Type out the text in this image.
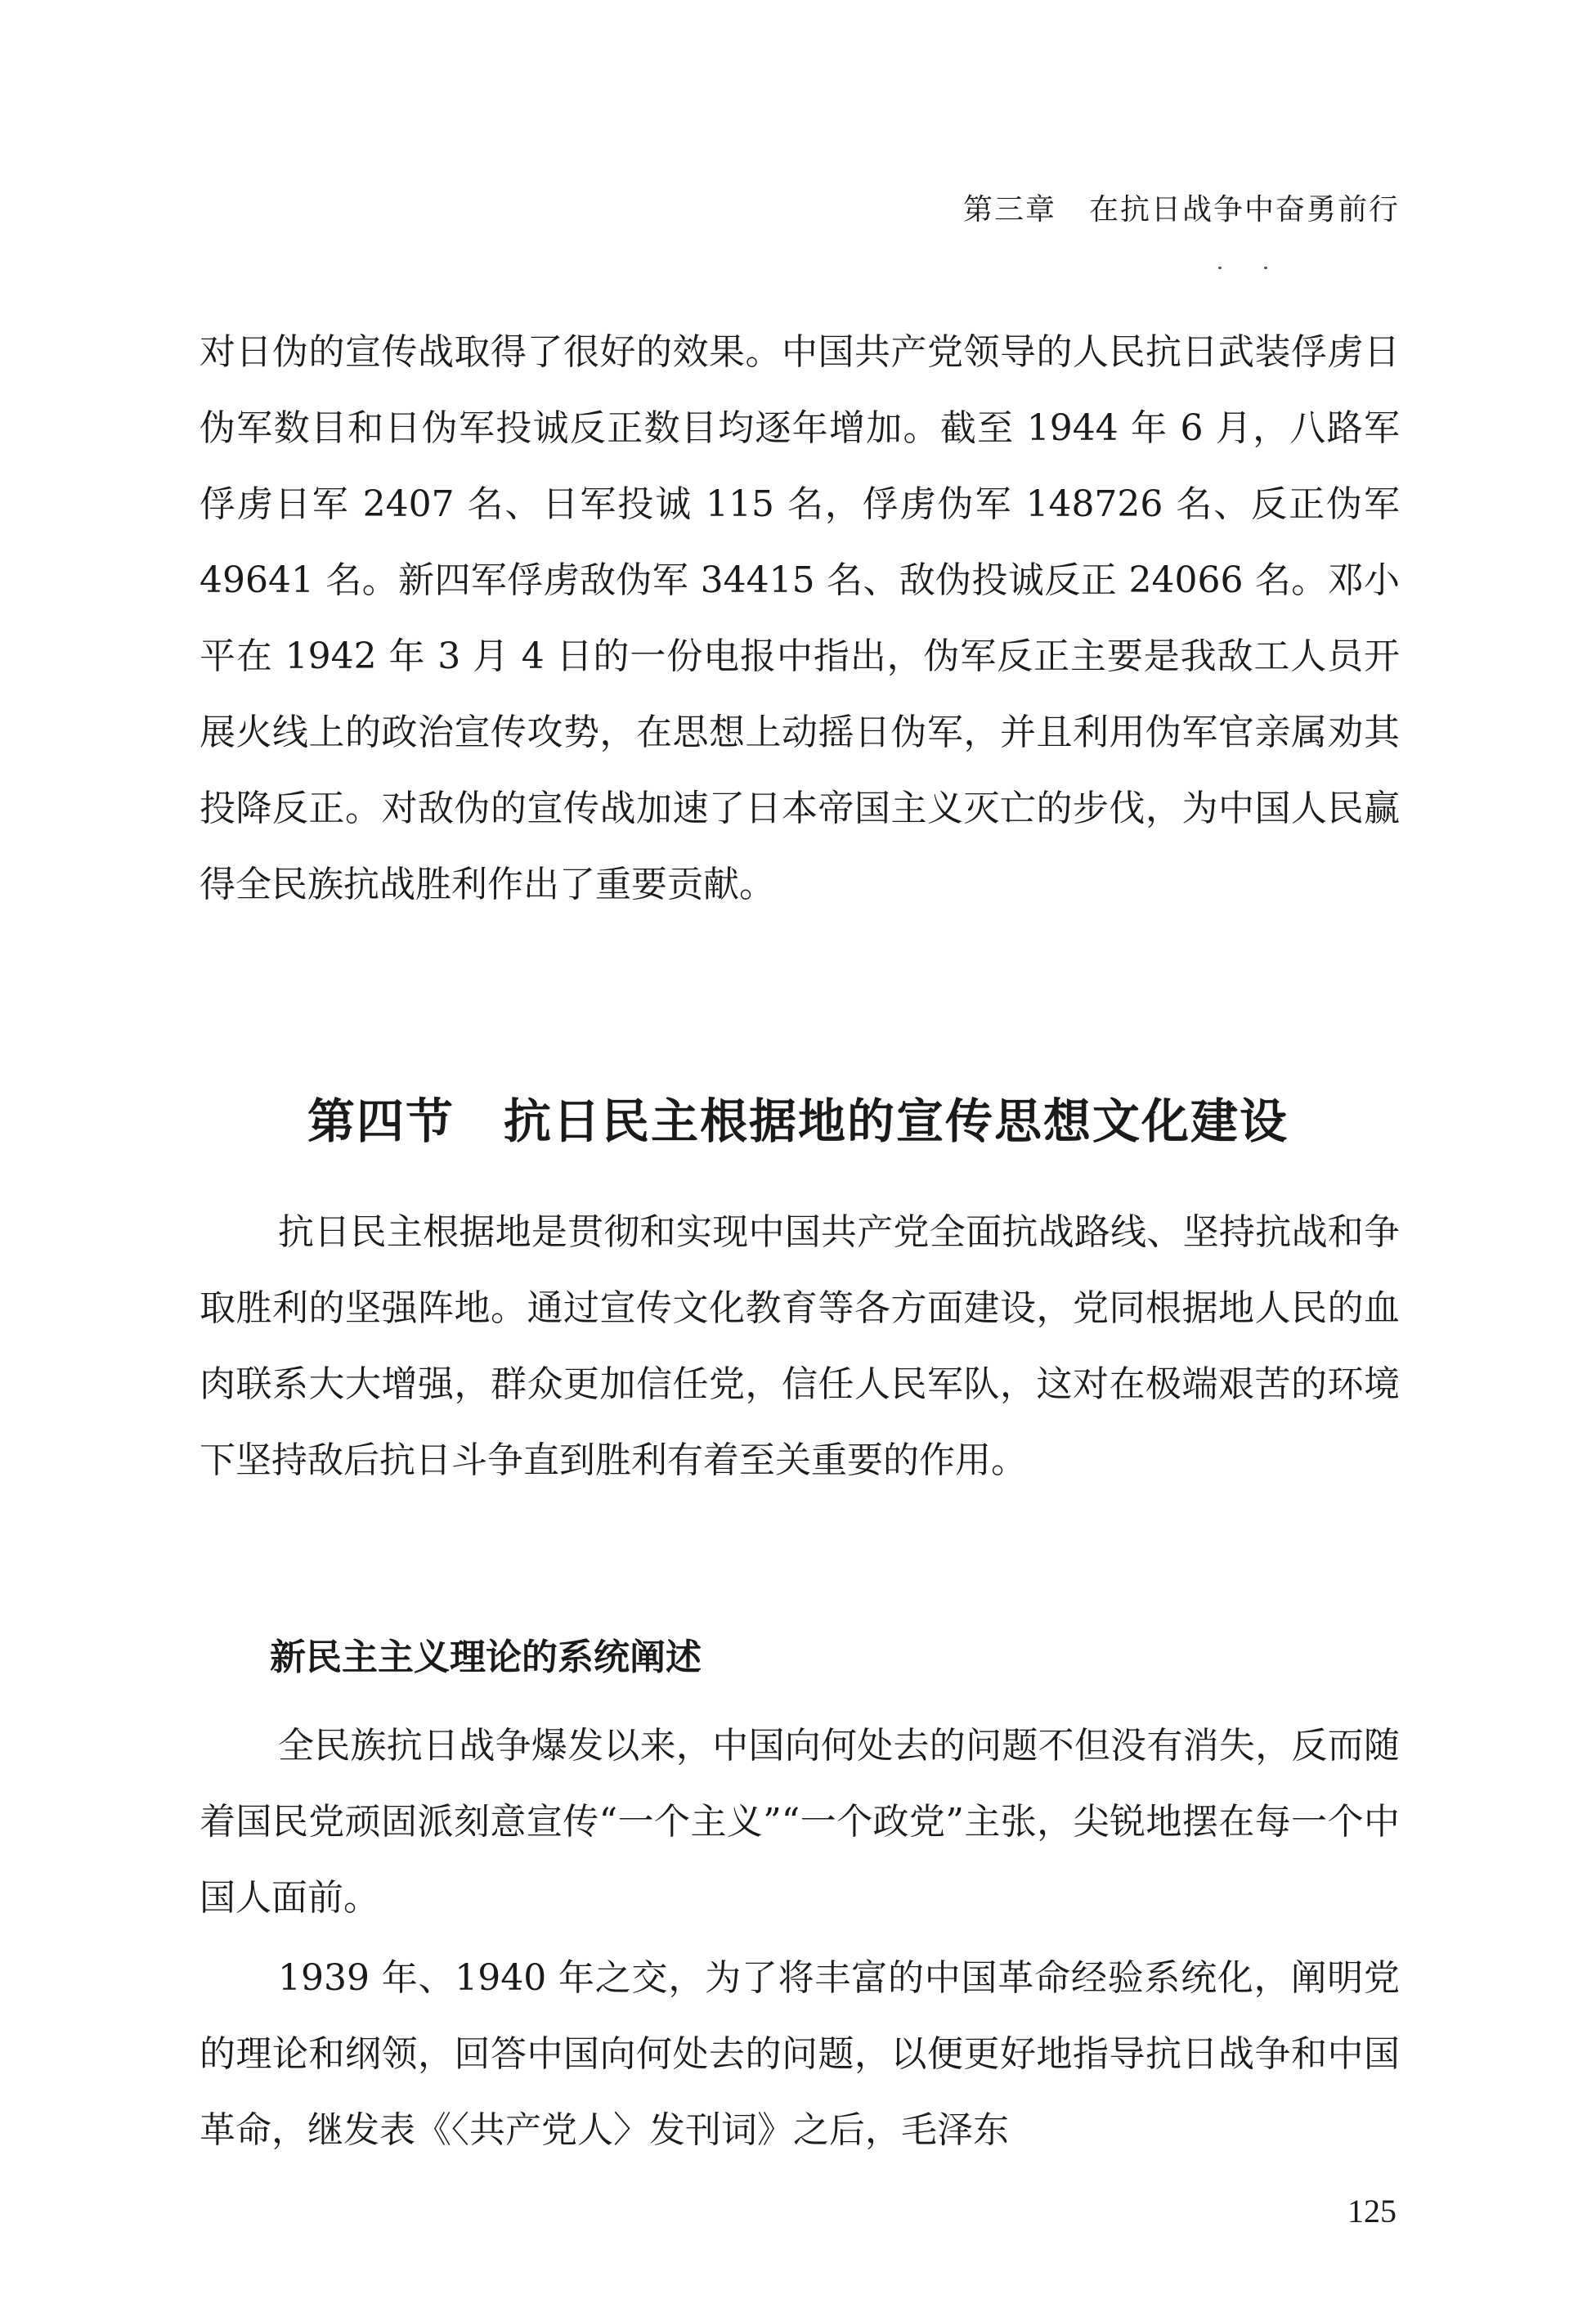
第三章 在抗日战争中奋勇前行

对日伪的宣传战取得了很好的效果。中国共产党领导的人民抗日武装俘虏日伪军数目和日伪军投诚反正数目均逐年增加。截至 1944 年 6 月，八路军俘虏日军 2407 名、日军投诚 115 名，俘虏伪军 148726 名、反正伪军 49641 名。新四军俘虏敌伪军 34415 名、敌伪投诚反正 24066 名。邓小平在 1942 年 3 月 4 日的一份电报中指出，伪军反正主要是我敌工人员开展火线上的政治宣传攻势，在思想上动摇日伪军，并且利用伪军官亲属劝其投降反正。对敌伪的宣传战加速了日本帝国主义灭亡的步伐，为中国人民赢得全民族抗战胜利作出了重要贡献。

第四节 抗日民主根据地的宣传思想文化建设

抗日民主根据地是贯彻和实现中国共产党全面抗战路线、坚持抗战和争取胜利的坚强阵地。通过宣传文化教育等各方面建设，党同根据地人民的血肉联系大大增强，群众更加信任党，信任人民军队，这对在极端艰苦的环境下坚持敌后抗日斗争直到胜利有着至关重要的作用。

新民主主义理论的系统阐述

全民族抗日战争爆发以来，中国向何处去的问题不但没有消失，反而随着国民党顽固派刻意宣传“一个主义”“一个政党”主张，尖锐地摆在每一个中国人面前。

1939 年、1940 年之交，为了将丰富的中国革命经验系统化，阐明党的理论和纲领，回答中国向何处去的问题，以便更好地指导抗日战争和中国革命，继发表《〈共产党人〉发刊词》之后，毛泽东

125
